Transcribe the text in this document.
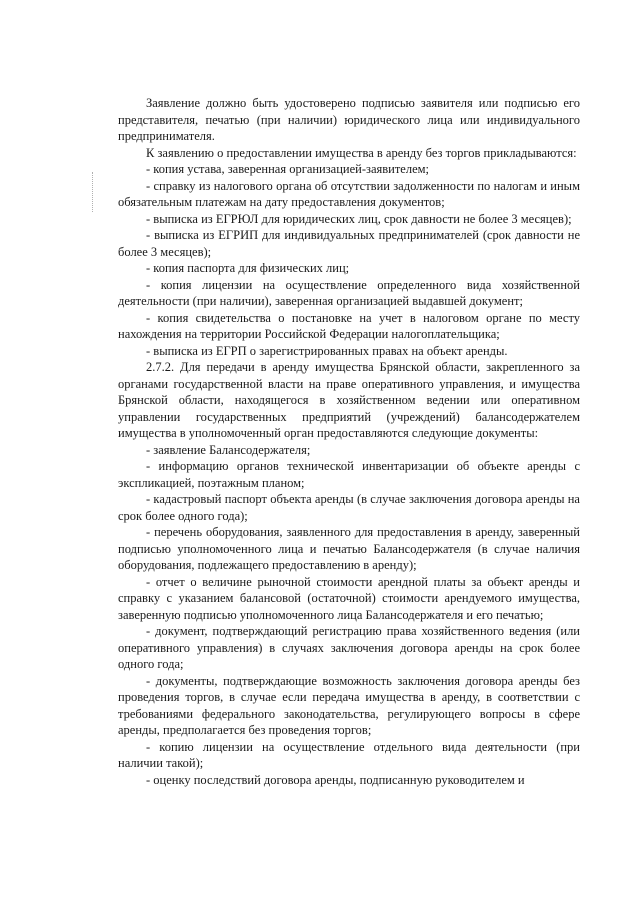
Заявление должно быть удостоверено подписью заявителя или подписью его представителя, печатью (при наличии) юридического лица или индивидуального предпринимателя.

К заявлению о предоставлении имущества в аренду без торгов прикладываются:

- копия устава, заверенная организацией-заявителем;

- справку из налогового органа об отсутствии задолженности по налогам и иным обязательным платежам на дату предоставления документов;

- выписка из ЕГРЮЛ для юридических лиц, срок давности не более 3 месяцев);

- выписка из ЕГРИП для индивидуальных предпринимателей (срок давности не более 3 месяцев);

- копия паспорта для физических лиц;

- копия лицензии на осуществление определенного вида хозяйственной деятельности (при наличии), заверенная организацией выдавшей документ;

- копия свидетельства о постановке на учет в налоговом органе по месту нахождения на территории Российской Федерации налогоплательщика;

- выписка из ЕГРП о зарегистрированных правах на объект аренды.

2.7.2. Для передачи в аренду имущества Брянской области, закрепленного за органами государственной власти на праве оперативного управления, и имущества Брянской области, находящегося в хозяйственном ведении или оперативном управлении государственных предприятий (учреждений) балансодержателем имущества в уполномоченный орган предоставляются следующие документы:

- заявление Балансодержателя;

- информацию органов технической инвентаризации об объекте аренды с экспликацией, поэтажным планом;

- кадастровый паспорт объекта аренды (в случае заключения договора аренды на срок более одного года);

- перечень оборудования, заявленного для предоставления в аренду, заверенный подписью уполномоченного лица и печатью Балансодержателя (в случае наличия оборудования, подлежащего предоставлению в аренду);

- отчет о величине рыночной стоимости арендной платы за объект аренды и справку с указанием балансовой (остаточной) стоимости арендуемого имущества, заверенную подписью уполномоченного лица Балансодержателя и его печатью;

- документ, подтверждающий регистрацию права хозяйственного ведения (или оперативного управления) в случаях заключения договора аренды на срок более одного года;

- документы, подтверждающие возможность заключения договора аренды без проведения торгов, в случае если передача имущества в аренду, в соответствии с требованиями федерального законодательства, регулирующего вопросы в сфере аренды, предполагается без проведения торгов;

- копию лицензии на осуществление отдельного вида деятельности (при наличии такой);

- оценку последствий договора аренды, подписанную руководителем и
